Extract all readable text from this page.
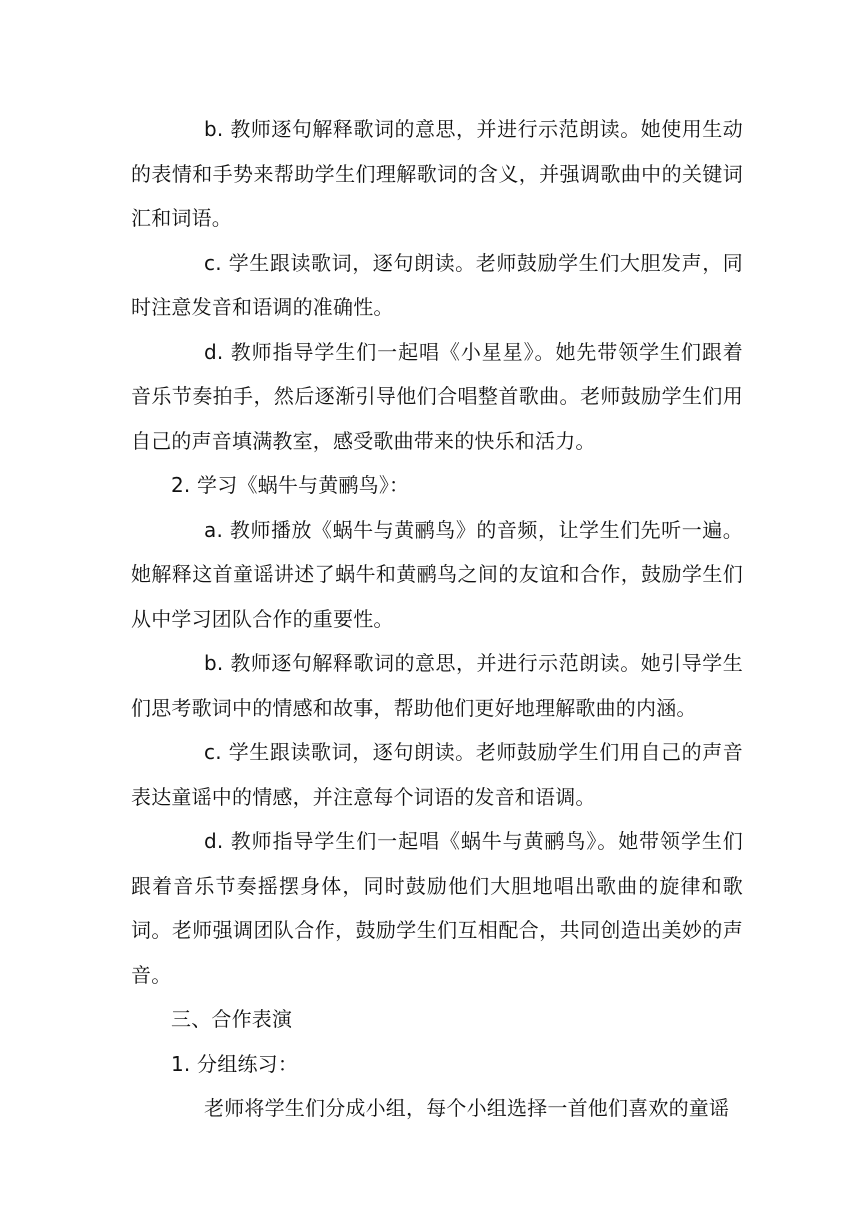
b. 教师逐句解释歌词的意思，并进行示范朗读。她使用生动的表情和手势来帮助学生们理解歌词的含义，并强调歌曲中的关键词汇和词语。

c. 学生跟读歌词，逐句朗读。老师鼓励学生们大胆发声，同时注意发音和语调的准确性。

d. 教师指导学生们一起唱《小星星》。她先带领学生们跟着音乐节奏拍手，然后逐渐引导他们合唱整首歌曲。老师鼓励学生们用自己的声音填满教室，感受歌曲带来的快乐和活力。

2. 学习《蜗牛与黄鹂鸟》：

a. 教师播放《蜗牛与黄鹂鸟》的音频，让学生们先听一遍。她解释这首童谣讲述了蜗牛和黄鹂鸟之间的友谊和合作，鼓励学生们从中学习团队合作的重要性。

b. 教师逐句解释歌词的意思，并进行示范朗读。她引导学生们思考歌词中的情感和故事，帮助他们更好地理解歌曲的内涵。

c. 学生跟读歌词，逐句朗读。老师鼓励学生们用自己的声音表达童谣中的情感，并注意每个词语的发音和语调。

d. 教师指导学生们一起唱《蜗牛与黄鹂鸟》。她带领学生们跟着音乐节奏摇摆身体，同时鼓励他们大胆地唱出歌曲的旋律和歌词。老师强调团队合作，鼓励学生们互相配合，共同创造出美妙的声音。

三、合作表演

1. 分组练习：

老师将学生们分成小组，每个小组选择一首他们喜欢的童谣
